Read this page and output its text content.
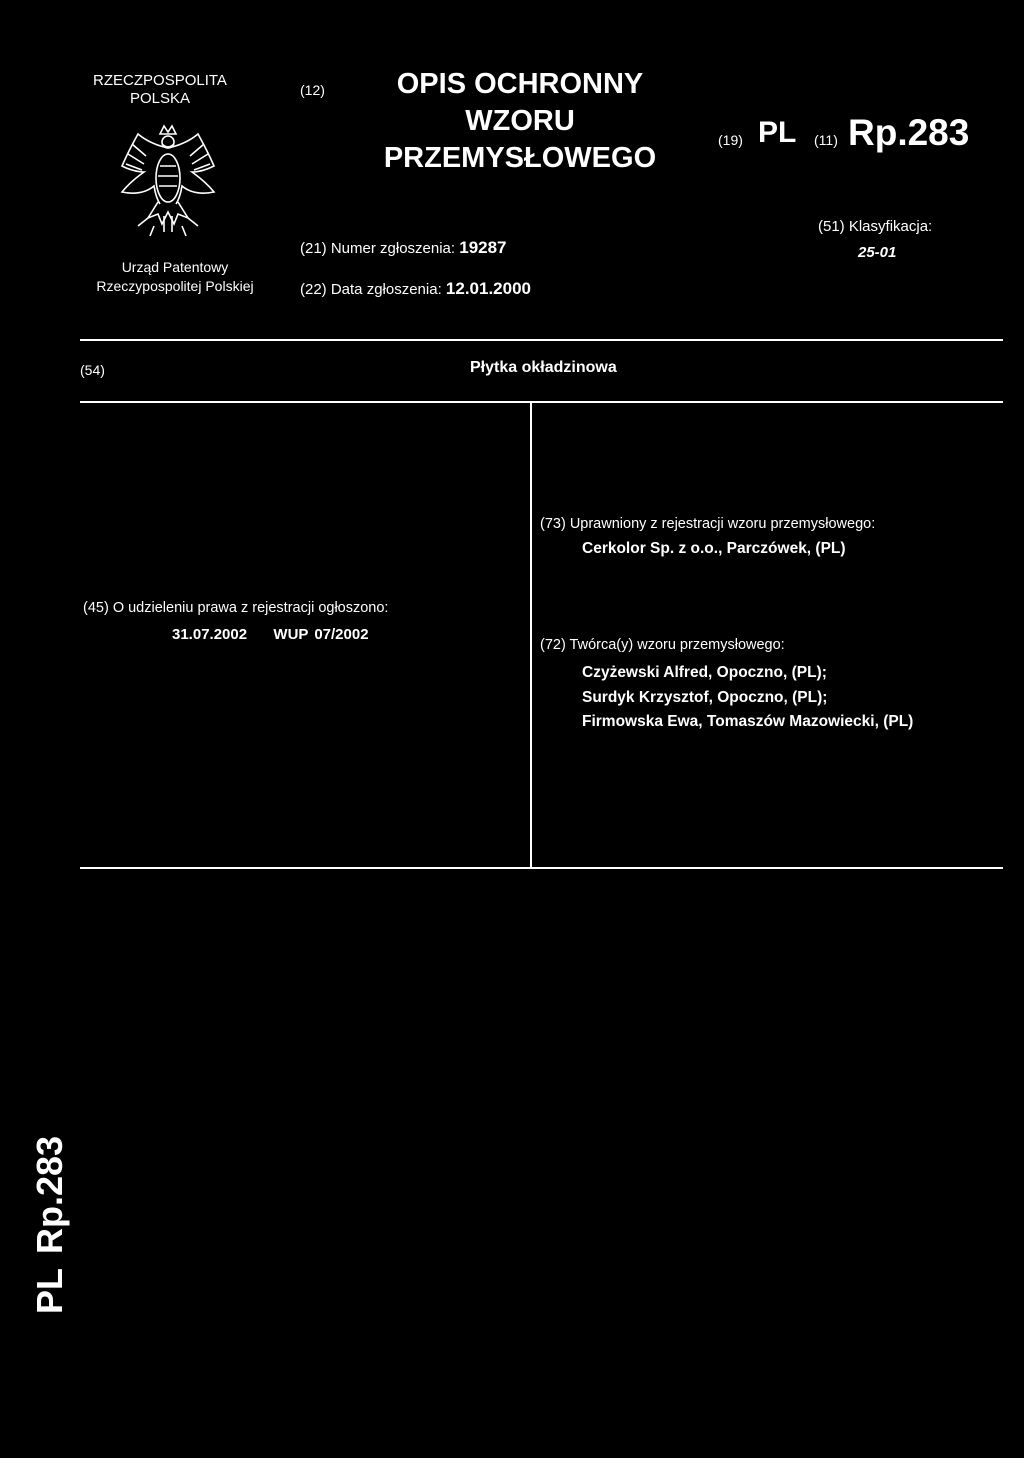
RZECZPOSPOLITA
POLSKA
Urząd Patentowy
Rzeczypospolitej Polskiej
(12)	OPIS OCHRONNY
WZORU
PRZEMYSŁOWEGO
(19) PL (11) Rp.283
(21) Numer zgłoszenia: 19287
(22) Data zgłoszenia: 12.01.2000
(51) Klasyfikacja:
25-01
(54)	Płytka okładzinowa
(73) Uprawniony z rejestracji wzoru przemysłowego:
Cerkolor Sp. z o.o., Parczówek, (PL)
(45) O udzieleniu prawa z rejestracji ogłoszono:
31.07.2002 WUP 07/2002
(72) Twórca(y) wzoru przemysłowego:
Czyżewski Alfred, Opoczno, (PL);
Surdyk Krzysztof, Opoczno, (PL);
Firmowska Ewa, Tomaszów Mazowiecki, (PL)
PLRp.283
